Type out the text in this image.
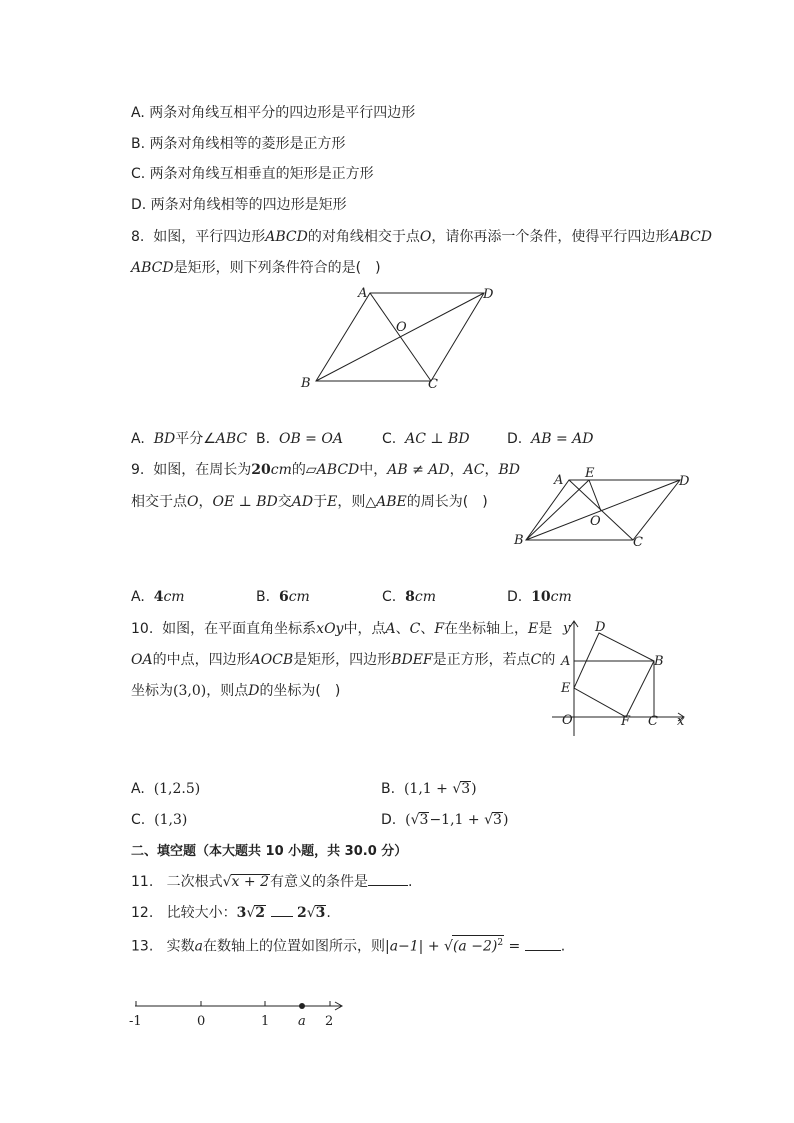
A. 两条对角线互相平分的四边形是平行四边形
B. 两条对角线相等的菱形是正方形
C. 两条对角线互相垂直的矩形是正方形
D. 两条对角线相等的四边形是矩形
8. 如图，平行四边形ABCD的对角线相交于点O，请你再添一个条件，使得平行四边形ABCD
ABCD是矩形，则下列条件符合的是(　)
A	D
O
B	C
A. BD平分∠ABC B. OB = OA	C. AC ⊥ BD	D. AB = AD
9. 如图，在周长为20cm的▱ABCD中，AB ≠ AD，AC，BD
相交于点O，OE ⊥ BD交AD于E，则△ABE的周长为(　)
A E
D
O
B	C
A. 4cm	B. 6cm	C. 8cm	D. 10cm
10. 如图，在平面直角坐标系xOy中，点A、C、F在坐标轴上，E是
OA的中点，四边形AOCB是矩形，四边形BDEF是正方形，若点C的
坐标为(3,0)，则点D的坐标为(　)
y
x
D
A	B
E
O	F C
A. (1,2.5)	B. (1,1 + √3)
C. (1,3)	D. (√3−1,1 + √3)
二、填空题（本大题共 10 小题，共 30.0 分）
11. 二次根式√x + 2有意义的条件是	.
12. 比较大小：3√2 2√3.
13. 实数a在数轴上的位置如图所示，则$|a-1| + √(a -2)^2$ =	.
-1	0	1	2
a
